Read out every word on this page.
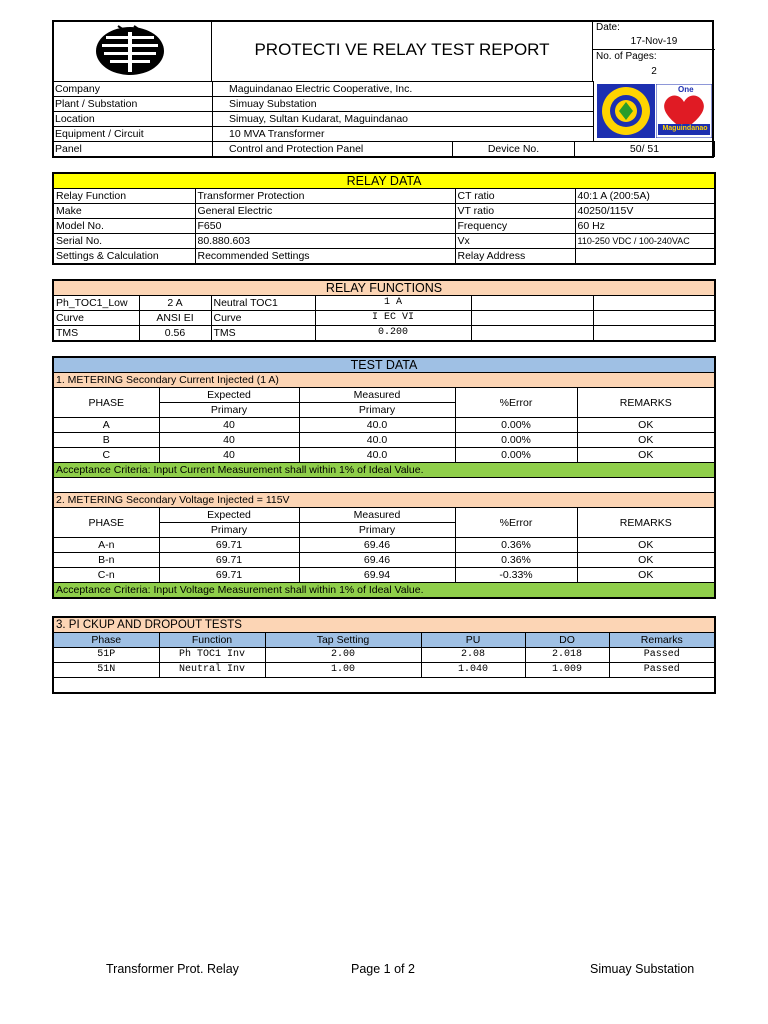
PROTECTI VE RELAY TEST REPORT
Date:
17-Nov-19
No. of Pages:
2
Company	Maguindanao Electric Cooperative, Inc.
Plant / Substation	Simuay Substation
Location	Simuay, Sultan Kudarat, Maguindanao
Equipment / Circuit	10 MVA Transformer
One
Maguindanao
Panel	Control and Protection Panel	Device No.	50/ 51
RELAY DATA			
Relay Function	Transformer Protection	CT ratio	40:1 A (200:5A)
Make	General Electric	VT ratio	40250/115V
Model No.	F650	Frequency	60 Hz
Serial No.	80.880.603	Vx	110-250 VDC / 100-240VAC
Settings & Calculation	Recommended Settings	Relay Address	
RELAY FUNCTIONS					
Ph_TOC1_Low	2 A	Neutral TOC1	1 A		
Curve	ANSI EI	Curve	I EC VI		
TMS	0.56	TMS	0.200		
TEST DATA				
1. METERING Secondary Current Injected (1 A)				
PHASE	Expected	Measured	%Error	REMARKS
	Primary	Primary		
A	40	40.0	0.00%	OK
B	40	40.0	0.00%	OK
C	40	40.0	0.00%	OK
Acceptance Criteria: Input Current Measurement shall within 1% of Ideal Value.				

2. METERING Secondary Voltage Injected = 115V				
PHASE	Expected	Measured	%Error	REMARKS
	Primary	Primary		
A-n	69.71	69.46	0.36%	OK
B-n	69.71	69.46	0.36%	OK
C-n	69.71	69.94	-0.33%	OK
Acceptance Criteria: Input Voltage Measurement shall within 1% of Ideal Value.				
3. PI CKUP AND DROPOUT TESTS					
Phase	Function	Tap Setting	PU	DO	Remarks
51P	Ph TOC1 Inv	2.00	2.08	2.018	Passed
51N	Neutral Inv	1.00	1.040	1.009	Passed

Transformer Prot. Relay	Page 1 of 2	Simuay Substation
